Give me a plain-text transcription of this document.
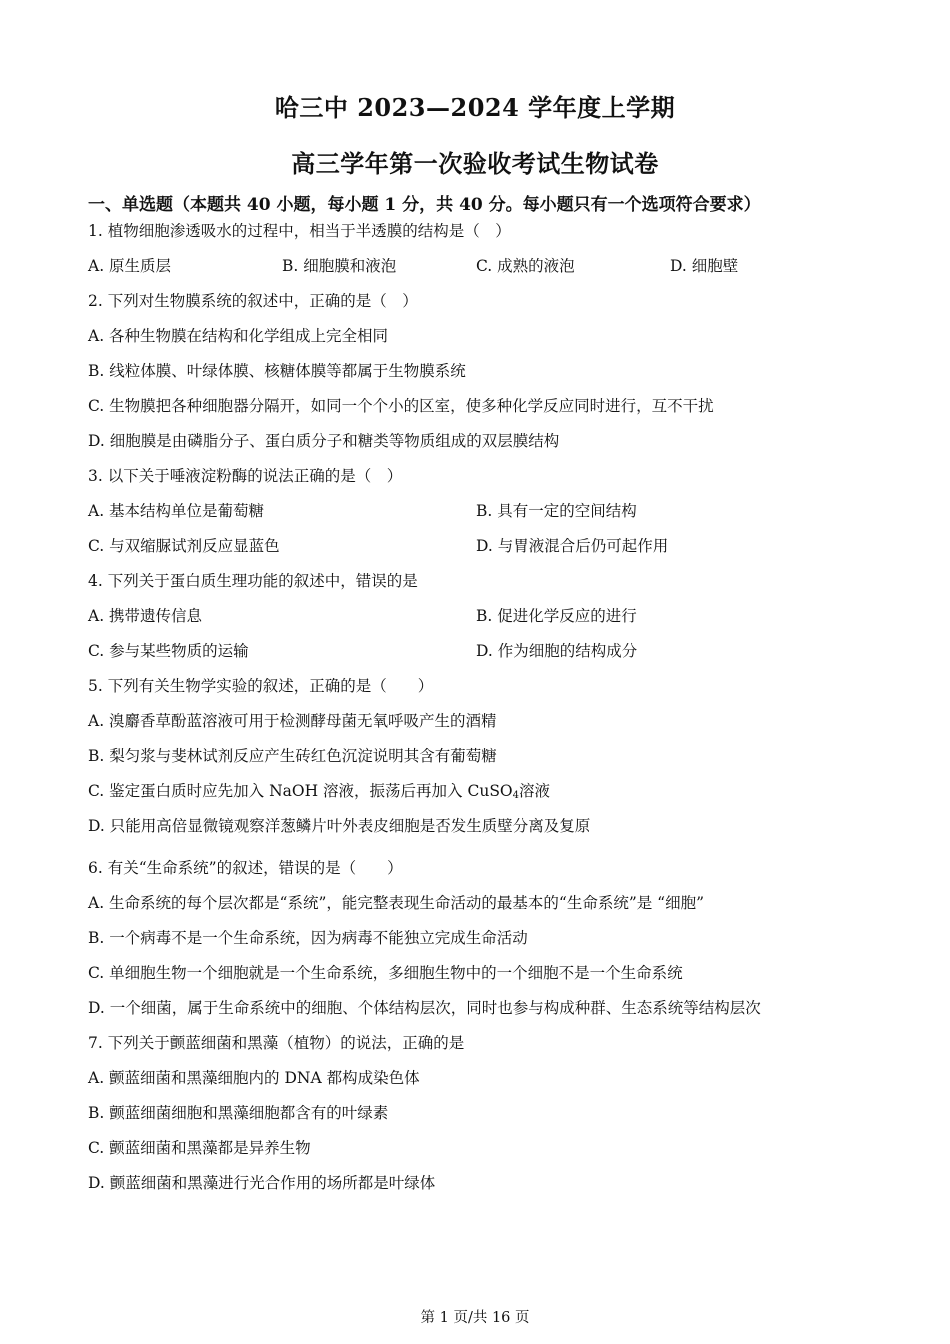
哈三中 2023—2024 学年度上学期
高三学年第一次验收考试生物试卷
一、单选题（本题共 40 小题，每小题 1 分，共 40 分。每小题只有一个选项符合要求）
1. 植物细胞渗透吸水的过程中，相当于半透膜的结构是（　）
A. 原生质层	B. 细胞膜和液泡	C. 成熟的液泡	D. 细胞壁
2. 下列对生物膜系统的叙述中，正确的是（　）
A. 各种生物膜在结构和化学组成上完全相同
B. 线粒体膜、叶绿体膜、核糖体膜等都属于生物膜系统
C. 生物膜把各种细胞器分隔开，如同一个个小的区室，使多种化学反应同时进行，互不干扰
D. 细胞膜是由磷脂分子、蛋白质分子和糖类等物质组成的双层膜结构
3. 以下关于唾液淀粉酶的说法正确的是（　）
A. 基本结构单位是葡萄糖	B. 具有一定的空间结构
C. 与双缩脲试剂反应显蓝色	D. 与胃液混合后仍可起作用
4. 下列关于蛋白质生理功能的叙述中，错误的是
A. 携带遗传信息	B. 促进化学反应的进行
C. 参与某些物质的运输	D. 作为细胞的结构成分
5. 下列有关生物学实验的叙述，正确的是（　　）
A. 溴麝香草酚蓝溶液可用于检测酵母菌无氧呼吸产生的酒精
B. 梨匀浆与斐林试剂反应产生砖红色沉淀说明其含有葡萄糖
C. 鉴定蛋白质时应先加入 NaOH 溶液，振荡后再加入 CuSO$_4$溶液
D. 只能用高倍显微镜观察洋葱鳞片叶外表皮细胞是否发生质壁分离及复原
6. 有关“生命系统”的叙述，错误的是（　　）
A. 生命系统的每个层次都是“系统”，能完整表现生命活动的最基本的“生命系统”是 “细胞”
B. 一个病毒不是一个生命系统，因为病毒不能独立完成生命活动
C. 单细胞生物一个细胞就是一个生命系统，多细胞生物中的一个细胞不是一个生命系统
D. 一个细菌，属于生命系统中的细胞、个体结构层次，同时也参与构成种群、生态系统等结构层次
7. 下列关于颤蓝细菌和黑藻（植物）的说法，正确的是
A. 颤蓝细菌和黑藻细胞内的 DNA 都构成染色体
B. 颤蓝细菌细胞和黑藻细胞都含有的叶绿素
C. 颤蓝细菌和黑藻都是异养生物
D. 颤蓝细菌和黑藻进行光合作用的场所都是叶绿体
第 1 页/共 16 页
